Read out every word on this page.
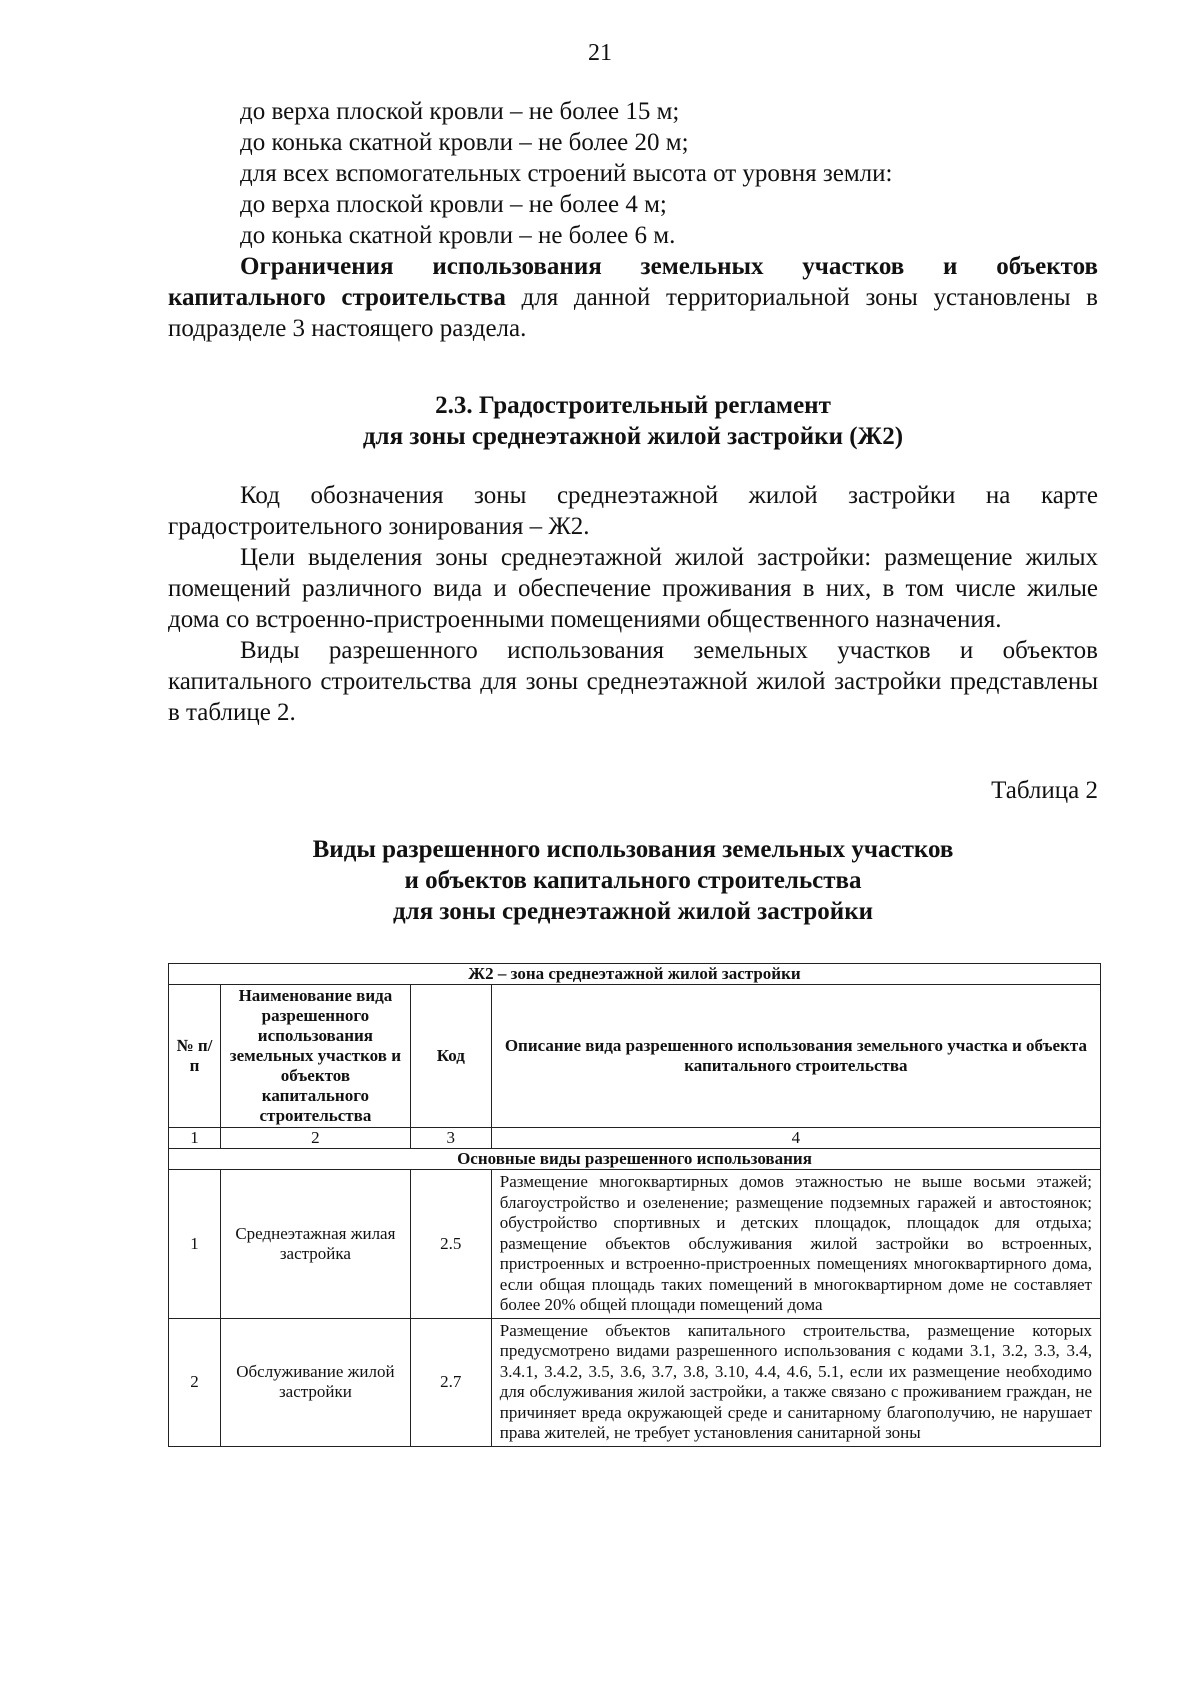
21
до верха плоской кровли – не более 15 м;
до конька скатной кровли – не более 20 м;
для всех вспомогательных строений высота от уровня земли:
до верха плоской кровли – не более 4 м;
до конька скатной кровли – не более 6 м.
Ограничения использования земельных участков и объектов капитального строительства для данной территориальной зоны установлены в подразделе 3 настоящего раздела.
2.3. Градостроительный регламент
для зоны среднеэтажной жилой застройки (Ж2)
Код обозначения зоны среднеэтажной жилой застройки на карте градостроительного зонирования – Ж2.
Цели выделения зоны среднеэтажной жилой застройки: размещение жилых помещений различного вида и обеспечение проживания в них, в том числе жилые дома со встроенно-пристроенными помещениями общественного назначения.
Виды разрешенного использования земельных участков и объектов капитального строительства для зоны среднеэтажной жилой застройки представлены в таблице 2.
Таблица 2
Виды разрешенного использования земельных участков
и объектов капитального строительства
для зоны среднеэтажной жилой застройки
Ж2 – зона среднеэтажной жилой застройки			
№ п/п	Наименование вида разрешенного использования земельных участков и объектов капитального строительства	Код	Описание вида разрешенного использования земельного участка и объекта капитального строительства
1	2	3	4
Основные виды разрешенного использования			
1	Среднеэтажная жилая застройка	2.5	Размещение многоквартирных домов этажностью не выше восьми этажей; благоустройство и озеленение; размещение подземных гаражей и автостоянок; обустройство спортивных и детских площадок, площадок для отдыха; размещение объектов обслуживания жилой застройки во встроенных, пристроенных и встроенно-пристроенных помещениях многоквартирного дома, если общая площадь таких помещений в многоквартирном доме не составляет более 20% общей площади помещений дома
2	Обслуживание жилой застройки	2.7	Размещение объектов капитального строительства, размещение которых предусмотрено видами разрешенного использования с кодами 3.1, 3.2, 3.3, 3.4, 3.4.1, 3.4.2, 3.5, 3.6, 3.7, 3.8, 3.10, 4.4, 4.6, 5.1, если их размещение необходимо для обслуживания жилой застройки, а также связано с проживанием граждан, не причиняет вреда окружающей среде и санитарному благополучию, не нарушает права жителей, не требует установления санитарной зоны
